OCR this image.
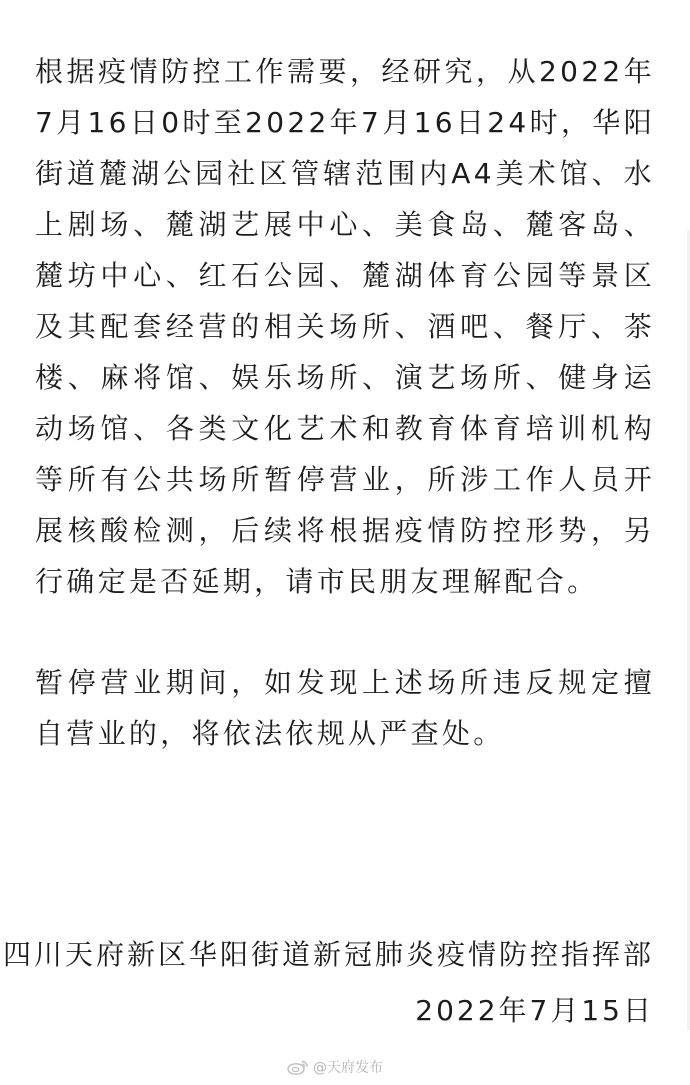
根据疫情防控工作需要，经研究，从2022年7月16日0时至2022年7月16日24时，华阳街道麓湖公园社区管辖范围内A4美术馆、水上剧场、麓湖艺展中心、美食岛、麓客岛、麓坊中心、红石公园、麓湖体育公园等景区及其配套经营的相关场所、酒吧、餐厅、茶楼、麻将馆、娱乐场所、演艺场所、健身运动场馆、各类文化艺术和教育体育培训机构等所有公共场所暂停营业，所涉工作人员开展核酸检测，后续将根据疫情防控形势，另行确定是否延期，请市民朋友理解配合。

暂停营业期间，如发现上述场所违反规定擅自营业的，将依法依规从严查处。

四川天府新区华阳街道新冠肺炎疫情防控指挥部

2022年7月15日

@天府发布
